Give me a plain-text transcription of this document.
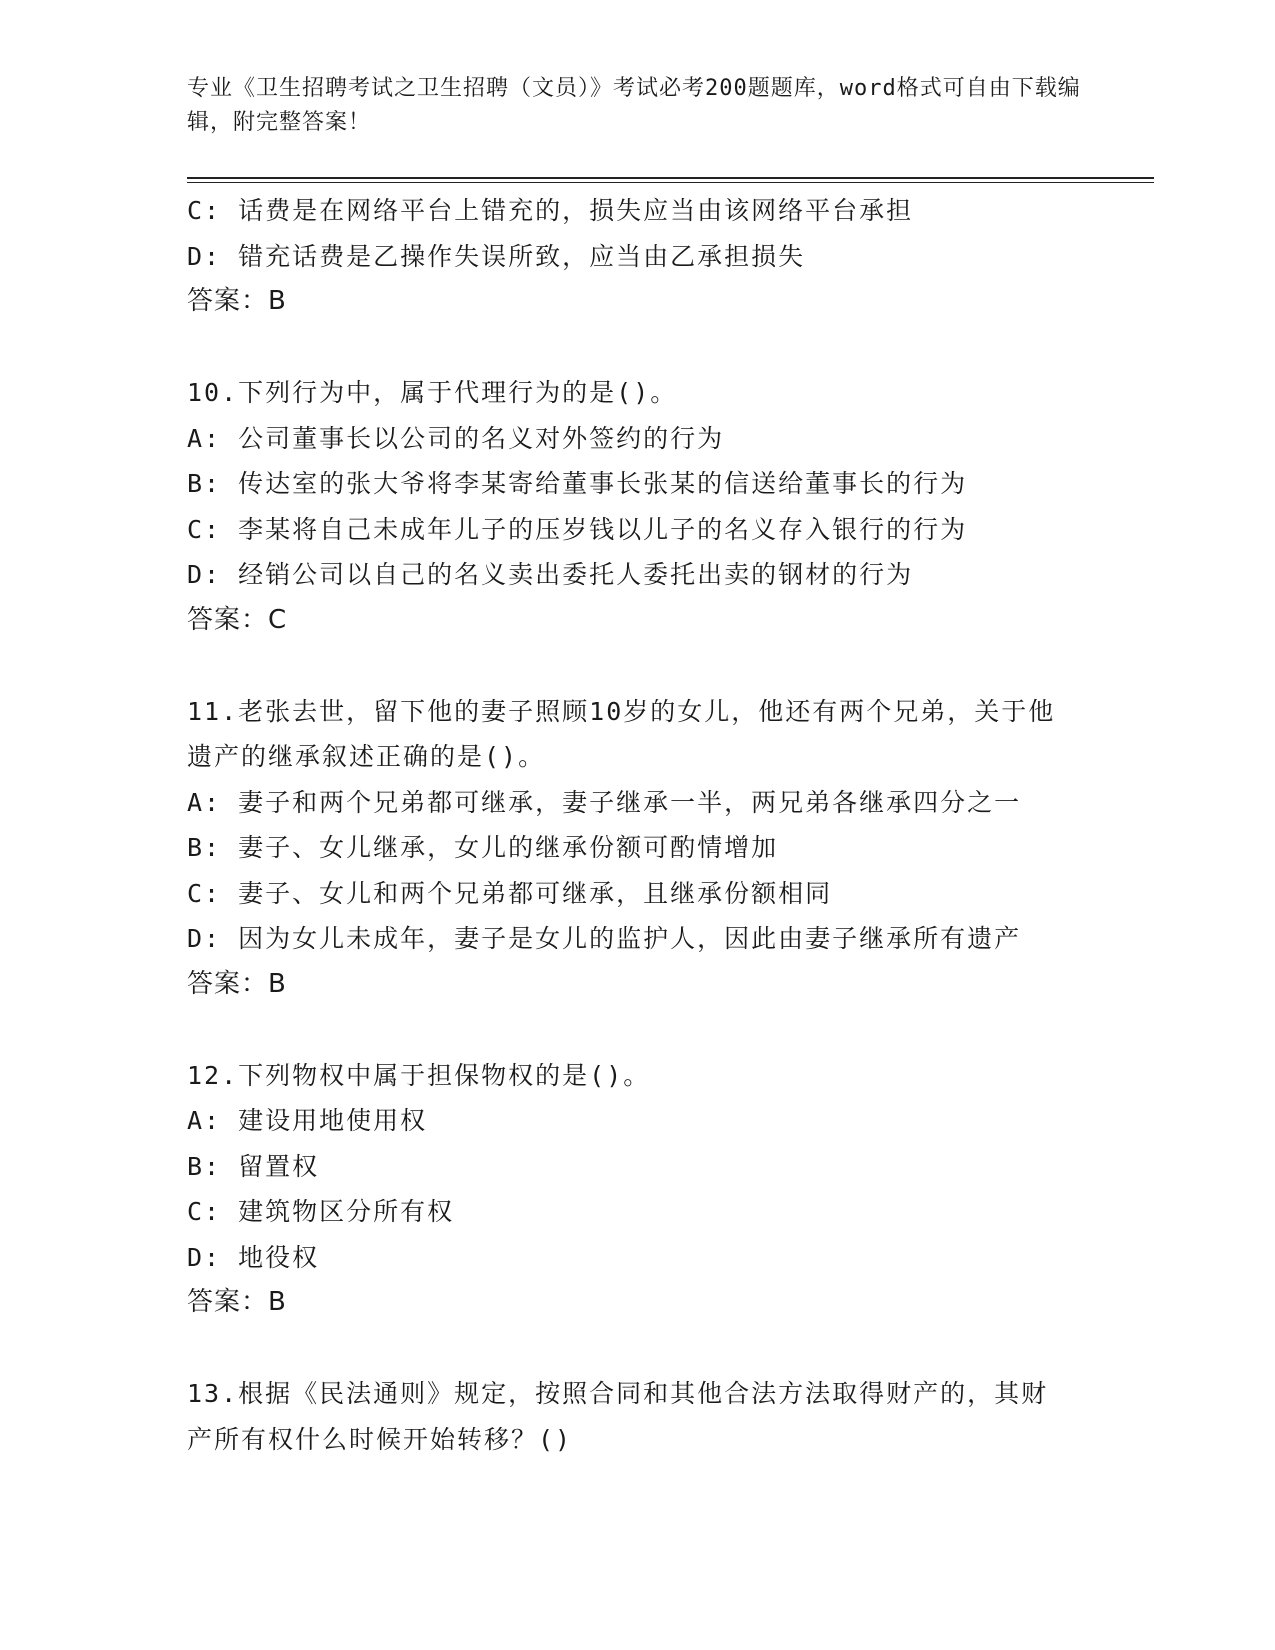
专业《卫生招聘考试之卫生招聘（文员）》考试必考200题题库，word格式可自由下载编辑，附完整答案！
C: 话费是在网络平台上错充的，损失应当由该网络平台承担
D: 错充话费是乙操作失误所致，应当由乙承担损失
答案：B
10.下列行为中，属于代理行为的是()。
A: 公司董事长以公司的名义对外签约的行为
B: 传达室的张大爷将李某寄给董事长张某的信送给董事长的行为
C: 李某将自己未成年儿子的压岁钱以儿子的名义存入银行的行为
D: 经销公司以自己的名义卖出委托人委托出卖的钢材的行为
答案：C
11.老张去世，留下他的妻子照顾10岁的女儿，他还有两个兄弟，关于他遗产的继承叙述正确的是()。
A: 妻子和两个兄弟都可继承，妻子继承一半，两兄弟各继承四分之一
B: 妻子、女儿继承，女儿的继承份额可酌情增加
C: 妻子、女儿和两个兄弟都可继承，且继承份额相同
D: 因为女儿未成年，妻子是女儿的监护人，因此由妻子继承所有遗产
答案：B
12.下列物权中属于担保物权的是()。
A: 建设用地使用权
B: 留置权
C: 建筑物区分所有权
D: 地役权
答案：B
13.根据《民法通则》规定，按照合同和其他合法方法取得财产的，其财产所有权什么时候开始转移？()
